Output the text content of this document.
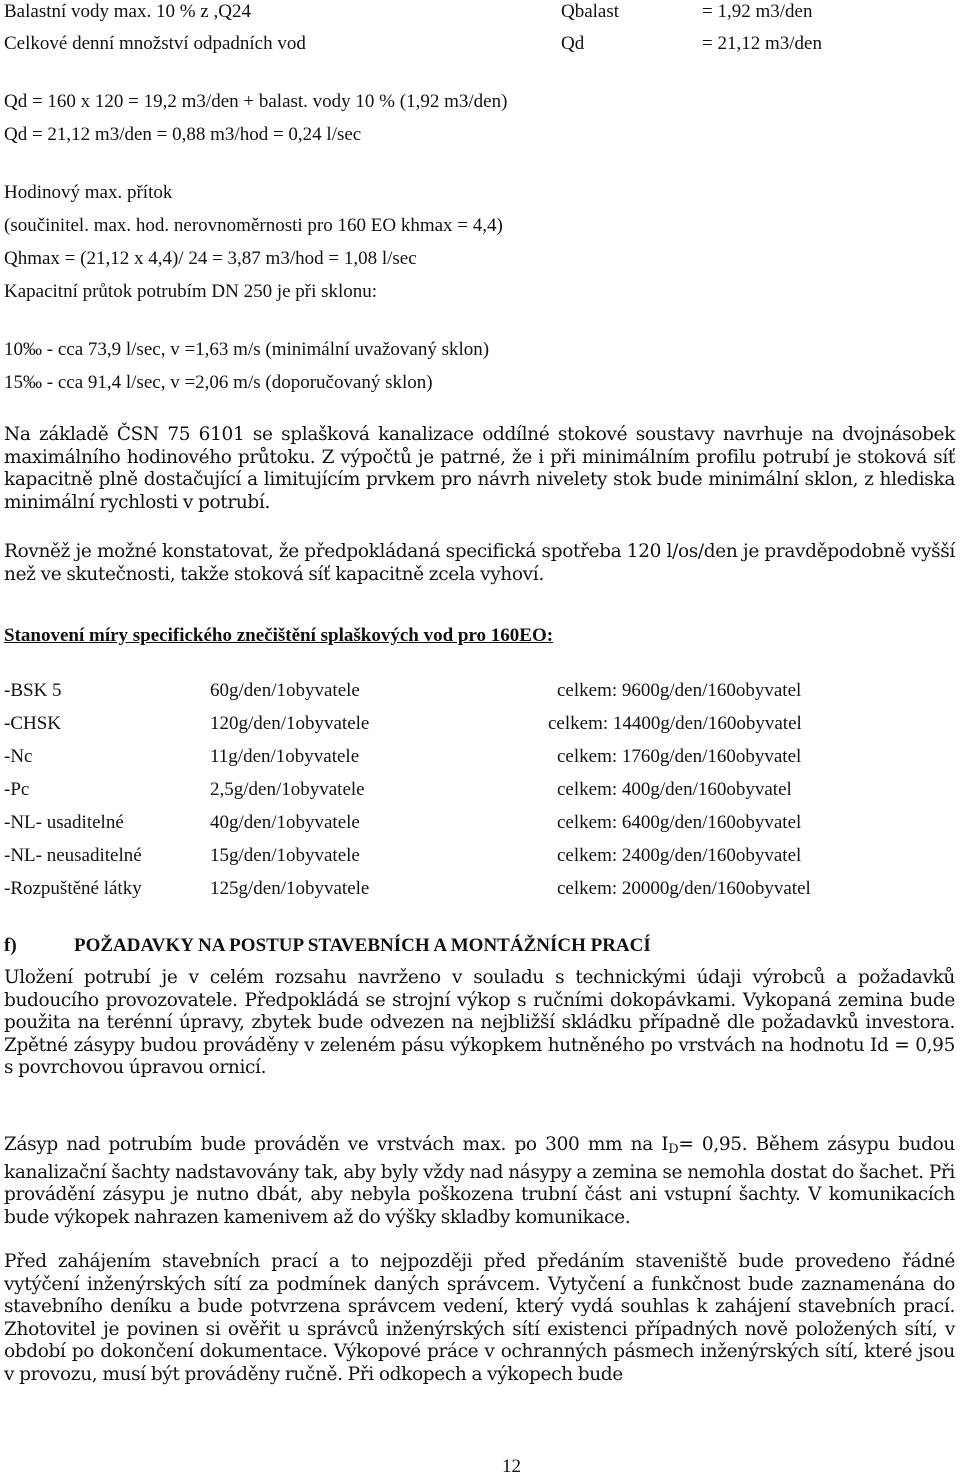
Balastní vody max. 10 % z ,Q24	Qbalast	= 1,92 m3/den
Celkové denní množství odpadních vod	Qd	= 21,12 m3/den
Qd = 160 x 120 = 19,2 m3/den + balast. vody 10 % (1,92 m3/den)
Qd = 21,12 m3/den = 0,88 m3/hod = 0,24 l/sec
Hodinový max. přítok
(součinitel. max. hod. nerovnoměrnosti pro 160 EO khmax = 4,4)
Qhmax = (21,12 x 4,4)/ 24 = 3,87 m3/hod = 1,08 l/sec
Kapacitní průtok potrubím DN 250 je při sklonu:
10‰ - cca 73,9 l/sec, v =1,63 m/s (minimální uvažovaný sklon)
15‰ - cca 91,4 l/sec, v =2,06 m/s (doporučovaný sklon)
Na základě ČSN 75 6101 se splašková kanalizace oddílné stokové soustavy navrhuje na dvojnásobek maximálního hodinového průtoku. Z výpočtů je patrné, že i při minimálním profilu potrubí je stoková síť kapacitně plně dostačující a limitujícím prvkem pro návrh nivelety stok bude minimální sklon, z hlediska minimální rychlosti v potrubí.
Rovněž je možné konstatovat, že předpokládaná specifická spotřeba 120 l/os/den je pravděpodobně vyšší než ve skutečnosti, takže stoková síť kapacitně zcela vyhoví.
Stanovení míry specifického znečištění splaškových vod pro 160EO:
-BSK 5	60g/den/1obyvatele	celkem: 9600g/den/160obyvatel
-CHSK	120g/den/1obyvatele	celkem: 14400g/den/160obyvatel
-Nc	11g/den/1obyvatele	celkem: 1760g/den/160obyvatel
-Pc	2,5g/den/1obyvatele	celkem: 400g/den/160obyvatel
-NL- usaditelné	40g/den/1obyvatele	celkem: 6400g/den/160obyvatel
-NL- neusaditelné	15g/den/1obyvatele	celkem: 2400g/den/160obyvatel
-Rozpuštěné látky	125g/den/1obyvatele	celkem: 20000g/den/160obyvatel
f)	POŽADAVKY NA POSTUP STAVEBNÍCH A MONTÁŽNÍCH PRACÍ
Uložení potrubí je v celém rozsahu navrženo v souladu s technickými údaji výrobců a požadavků budoucího provozovatele. Předpokládá se strojní výkop s ručními dokopávkami. Vykopaná zemina bude použita na terénní úpravy, zbytek bude odvezen na nejbližší skládku případně dle požadavků investora. Zpětné zásypy budou prováděny v zeleném pásu výkopkem hutněného po vrstvách na hodnotu Id = 0,95 s povrchovou úpravou ornicí.
Zásyp nad potrubím bude prováděn ve vrstvách max. po 300 mm na $I_D= 0,95$. Během zásypu budou kanalizační šachty nadstavovány tak, aby byly vždy nad násypy a zemina se nemohla dostat do šachet. Při provádění zásypu je nutno dbát, aby nebyla poškozena trubní část ani vstupní šachty. V komunikacích bude výkopek nahrazen kamenivem až do výšky skladby komunikace.
Před zahájením stavebních prací a to nejpozději před předáním staveniště bude provedeno řádné vytýčení inženýrských sítí za podmínek daných správcem. Vytyčení a funkčnost bude zaznamenána do stavebního deníku a bude potvrzena správcem vedení, který vydá souhlas k zahájení stavebních prací. Zhotovitel je povinen si ověřit u správců inženýrských sítí existenci případných nově položených sítí, v období po dokončení dokumentace. Výkopové práce v ochranných pásmech inženýrských sítí, které jsou v provozu, musí být prováděny ručně. Při odkopech a výkopech bude
12
